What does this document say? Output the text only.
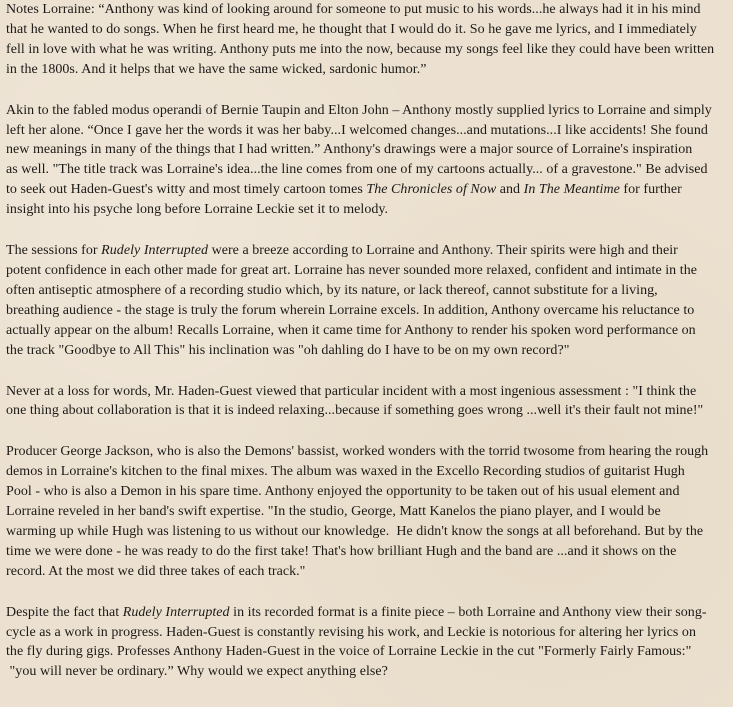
Notes Lorraine: “Anthony was kind of looking around for someone to put music to his words...he always had it in his mind
that he wanted to do songs. When he first heard me, he thought that I would do it. So he gave me lyrics, and I immediately
fell in love with what he was writing. Anthony puts me into the now, because my songs feel like they could have been written
in the 1800s. And it helps that we have the same wicked, sardonic humor.”

Akin to the fabled modus operandi of Bernie Taupin and Elton John – Anthony mostly supplied lyrics to Lorraine and simply
left her alone. “Once I gave her the words it was her baby...I welcomed changes...and mutations...I like accidents! She found
new meanings in many of the things that I had written.” Anthony's drawings were a major source of Lorraine's inspiration
as well. "The title track was Lorraine's idea...the line comes from one of my cartoons actually... of a gravestone." Be advised
to seek out Haden-Guest's witty and most timely cartoon tomes The Chronicles of Now and In The Meantime for further
insight into his psyche long before Lorraine Leckie set it to melody.

The sessions for Rudely Interrupted were a breeze according to Lorraine and Anthony. Their spirits were high and their
potent confidence in each other made for great art. Lorraine has never sounded more relaxed, confident and intimate in the
often antiseptic atmosphere of a recording studio which, by its nature, or lack thereof, cannot substitute for a living,
breathing audience - the stage is truly the forum wherein Lorraine excels. In addition, Anthony overcame his reluctance to
actually appear on the album! Recalls Lorraine, when it came time for Anthony to render his spoken word performance on
the track "Goodbye to All This" his inclination was "oh dahling do I have to be on my own record?"

Never at a loss for words, Mr. Haden-Guest viewed that particular incident with a most ingenious assessment : "I think the
one thing about collaboration is that it is indeed relaxing...because if something goes wrong ...well it's their fault not mine!"

Producer George Jackson, who is also the Demons' bassist, worked wonders with the torrid twosome from hearing the rough
demos in Lorraine's kitchen to the final mixes. The album was waxed in the Excello Recording studios of guitarist Hugh
Pool - who is also a Demon in his spare time. Anthony enjoyed the opportunity to be taken out of his usual element and
Lorraine reveled in her band's swift expertise. "In the studio, George, Matt Kanelos the piano player, and I would be
warming up while Hugh was listening to us without our knowledge.  He didn't know the songs at all beforehand. But by the
time we were done - he was ready to do the first take! That's how brilliant Hugh and the band are ...and it shows on the
record. At the most we did three takes of each track."

Despite the fact that Rudely Interrupted in its recorded format is a finite piece – both Lorraine and Anthony view their song-
cycle as a work in progress. Haden-Guest is constantly revising his work, and Leckie is notorious for altering her lyrics on
the fly during gigs. Professes Anthony Haden-Guest in the voice of Lorraine Leckie in the cut "Formerly Fairly Famous:"
"you will never be ordinary.” Why would we expect anything else?
